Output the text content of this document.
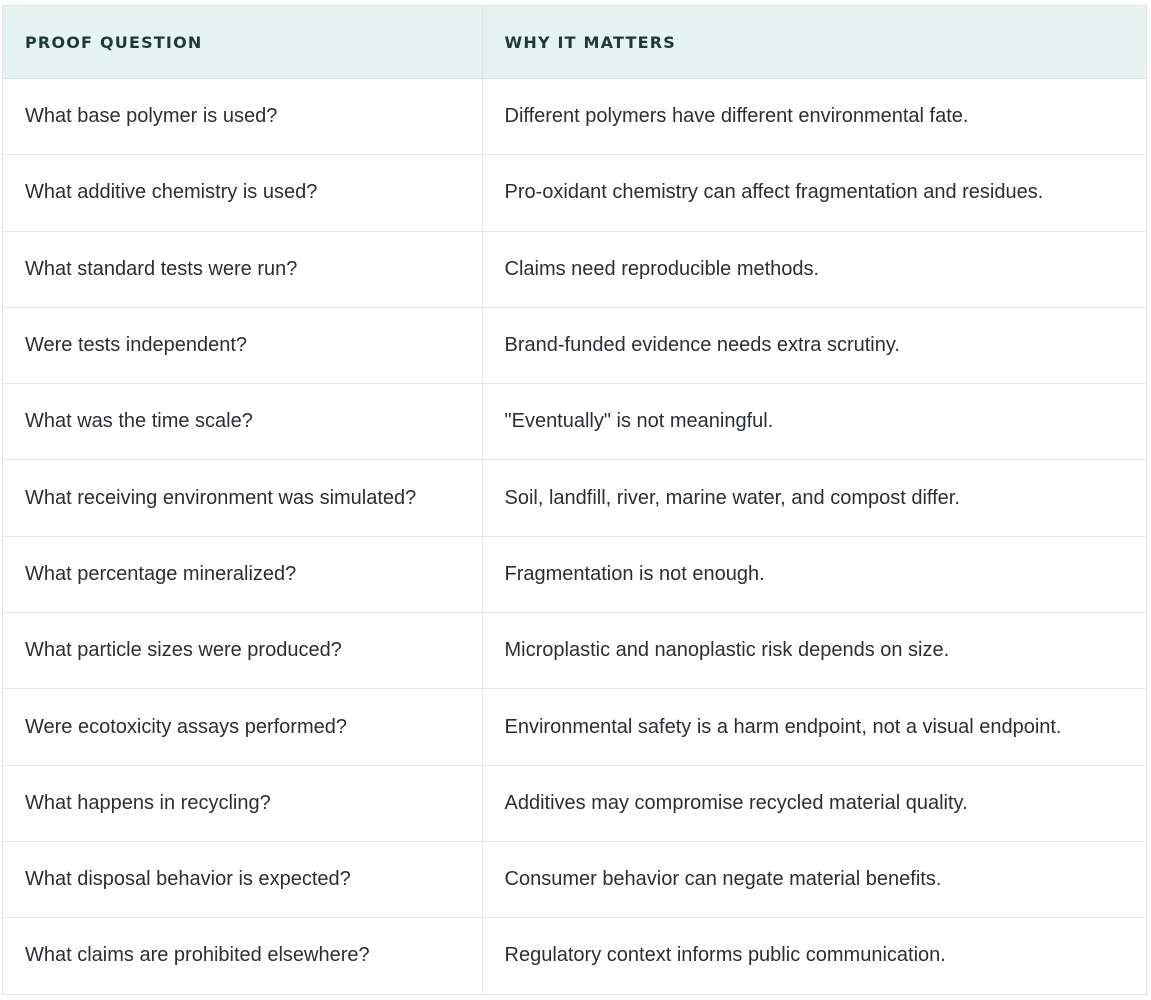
PROOF QUESTION	WHY IT MATTERS
What base polymer is used?	Different polymers have different environmental fate.
What additive chemistry is used?	Pro-oxidant chemistry can affect fragmentation and residues.
What standard tests were run?	Claims need reproducible methods.
Were tests independent?	Brand-funded evidence needs extra scrutiny.
What was the time scale?	"Eventually" is not meaningful.
What receiving environment was simulated?	Soil, landfill, river, marine water, and compost differ.
What percentage mineralized?	Fragmentation is not enough.
What particle sizes were produced?	Microplastic and nanoplastic risk depends on size.
Were ecotoxicity assays performed?	Environmental safety is a harm endpoint, not a visual endpoint.
What happens in recycling?	Additives may compromise recycled material quality.
What disposal behavior is expected?	Consumer behavior can negate material benefits.
What claims are prohibited elsewhere?	Regulatory context informs public communication.
